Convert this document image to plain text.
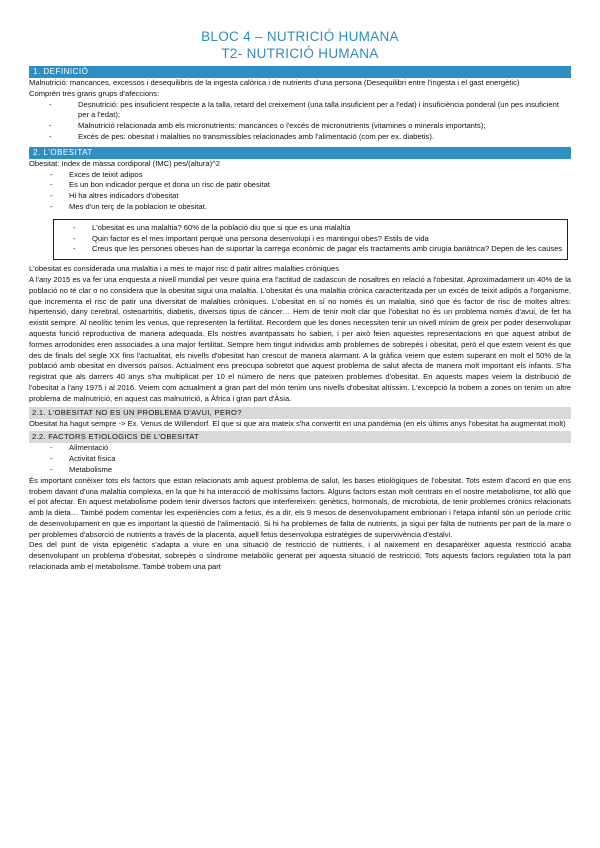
BLOC 4 – NUTRICIÓ HUMANA
T2- NUTRICIÓ HUMANA
1. DEFINICIÓ

Malnutrició: mancances, excessos i desequilibris de la ingesta calòrica i de nutrients d'una persona (Desequilibri entre l'ingesta i el gast energètic)

Comprèn tres grans grups d'afeccions:

- Desnutrició: pes insuficient respecte a la talla, retard del creixement (una talla insuficient per a l'edat) i insuficiència ponderal (un pes insuficient per a l'edat);
- Malnutrició relacionada amb els micronutrients: mancances o l'excés de micronutrients (vitamines o minerals importants);
- Excés de pes: obesitat i malalties no transmissibles relacionades amb l'alimentació (com per ex. diabetis).
2. L'OBESITAT

Obesitat: Index de massa cordiporal (IMC) pes/(altura)^2

- Exces de teixit adipos
- Es un bon indicador perque et dona un risc de patir obesitat
- Hi ha altres indicadors d'obesitat
- Mes d'un terç de la poblacion te obesitat.
- L'obesitat es una malaltia? 60% de la població diu que si que es una malaltia
- Quin factor es el mes important perquè una persona desenvolupi i es mantingui obes? Estils de vida
- Creus que les persones obeses han de suportar la carrega econòmic de pagar els tractaments amb cirugia bariàtrica? Depen de les causes

L'obesitat es considerada una malaltia i a mes te major risc d patir altres malalties cròniques

A l'any 2015 es va fer una enquesta a nivell mundial per veure quina era l'actitud de cadascun de nosaltres en relació a l'obesitat. Aproximadament un 40% de la població no té clar o no considera que la obesitat sigui una malaltia. L'obesitat és una malaltia crònica caracteritzada per un excés de teixit adipós a l'organisme, que incrementa el risc de patir una diversitat de malalties cròniques. L'obesitat en sí no només és un malaltia, sinó que és factor de risc de moltes altres: hipertensió, dany cerebral, osteoartritis, diabetis, diversos tipus de càncer… Hem de tenir molt clar que l'obesitat no és un problema només d'avui, de fet ha existit sempre. Al neolític tenim les venus, que representen la fertilitat. Recordem que les dones necessiten tenir un nivell mínim de greix per poder desenvolupar aquesta funció reproductiva de manera adequada. Els nostres avantpassats ho sabien, i per això feien aquestes representacions en que aquest atribut de formes arrodonides eren associades a una major fertilitat. Sempre hem tingut individus amb problemes de sobrepès i obesitat, però el que estem veient és que des de finals del segle XX fins l'actualitat, els nivells d'obesitat han crescut de manera alarmant. A la gràfica veiem que estem superant en molt el 50% de la població amb obesitat en diversos països. Actualment ens preocupa sobretot que aquest problema de salut afecta de manera molt important els infants. S'ha registrat que als darrers 40 anys s'ha multiplicat per 10 el número de nens que pateixen problemes d'obesitat. En aquests mapes veiem la distribució de l'obesitat a l'any 1975 i al 2016. Veiem com actualment a gran part del món tenim uns nivells d'obesitat altíssim. L'excepció la trobem a zones on tenim un altre problema de malnutrició, en aquest cas malnutrició, a Àfrica i gran part d'Àsia.

2.1. L'OBESITAT NO ES UN PROBLEMA D'AVUI, PERO?

Obesitat ha hagut sempre -> Ex. Venus de Willendorf. El que si que ara mateix s'ha convertit en una pandèmia (en els últims anys l'obesitat ha augmentat molt)

2.2. FACTORS ETIOLOGICS DE L'OBESITAT
- Alimentació
- Activitat física
- Metabolisme

És important conèixer tots els factors que estan relacionats amb aquest problema de salut, les bases etiològiques de l'obesitat. Tots estem d'acord en que ens trobem davant d'una malaltia complexa, en la que hi ha interacció de moltíssims factors. Alguns factors estan molt centrats en el nostre metabolisme, tot allò que el pot afectar. En aquest metabolisme podem tenir diversos factors que interfereixen: genètics, hormonals, de microbiota, de tenir problemes crònics relacionats amb la dieta… També podem comentar les experiències com a fetus, és a dir, els 9 mesos de desenvolupament embrionari i l'etapa infantil són un període crític de desenvolupament en que es important la qüestió de l'alimentació. Si hi ha problemes de falta de nutrients, ja sigui per falta de nutrients per part de la mare o per problemes d'absorció de nutrients a través de la placenta, aquell fetus desenvolupa estratègies de supervivència d'estalvi.

Des del punt de vista epigenètic s'adapta a viure en una situació de restricció de nutrients, i al naixement en desaparèixer aquesta restricció acaba desenvolupant un problema d'obesitat, sobrepès o síndrome metabòlic generat per aquesta situació de restricció. Tots aquests factors regulatien tota la part relacionada amb el metabolisme. També trobem una part
